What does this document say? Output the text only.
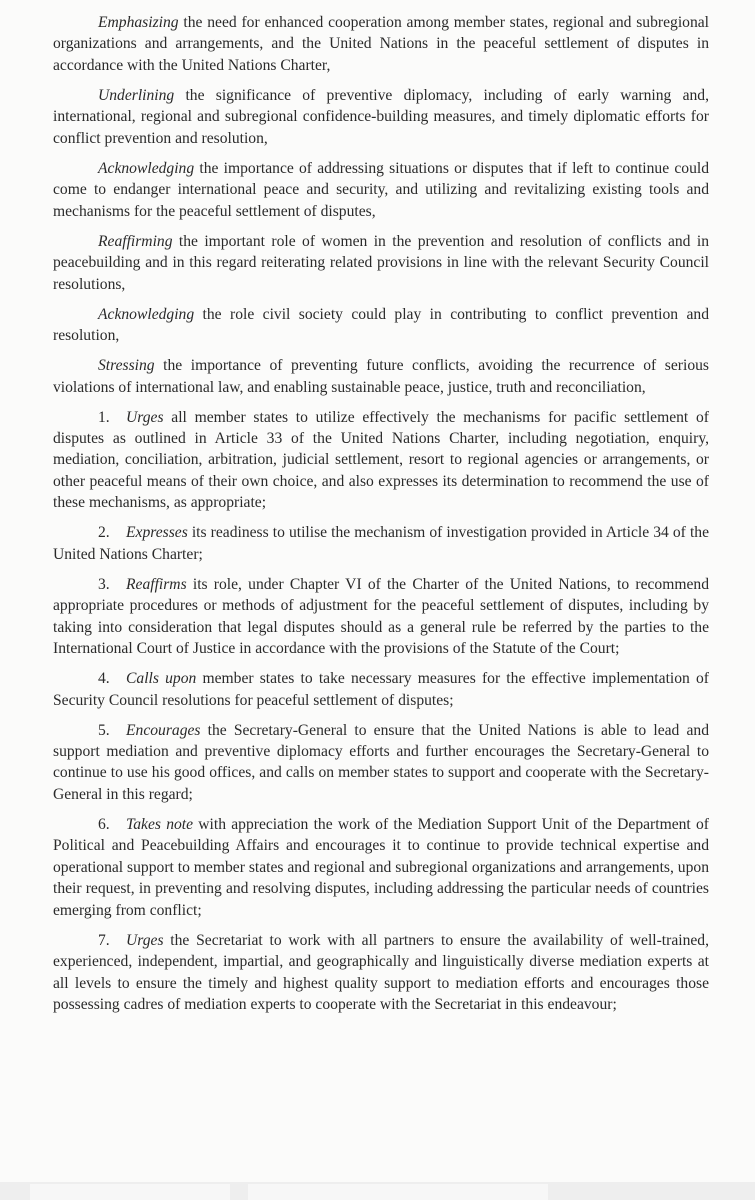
Emphasizing the need for enhanced cooperation among member states, regional and subregional organizations and arrangements, and the United Nations in the peaceful settlement of disputes in accordance with the United Nations Charter,

Underlining the significance of preventive diplomacy, including of early warning and, international, regional and subregional confidence-building measures, and timely diplomatic efforts for conflict prevention and resolution,

Acknowledging the importance of addressing situations or disputes that if left to continue could come to endanger international peace and security, and utilizing and revitalizing existing tools and mechanisms for the peaceful settlement of disputes,

Reaffirming the important role of women in the prevention and resolution of conflicts and in peacebuilding and in this regard reiterating related provisions in line with the relevant Security Council resolutions,

Acknowledging the role civil society could play in contributing to conflict prevention and resolution,

Stressing the importance of preventing future conflicts, avoiding the recurrence of serious violations of international law, and enabling sustainable peace, justice, truth and reconciliation,

1. Urges all member states to utilize effectively the mechanisms for pacific settlement of disputes as outlined in Article 33 of the United Nations Charter, including negotiation, enquiry, mediation, conciliation, arbitration, judicial settlement, resort to regional agencies or arrangements, or other peaceful means of their own choice, and also expresses its determination to recommend the use of these mechanisms, as appropriate;

2. Expresses its readiness to utilise the mechanism of investigation provided in Article 34 of the United Nations Charter;

3. Reaffirms its role, under Chapter VI of the Charter of the United Nations, to recommend appropriate procedures or methods of adjustment for the peaceful settlement of disputes, including by taking into consideration that legal disputes should as a general rule be referred by the parties to the International Court of Justice in accordance with the provisions of the Statute of the Court;

4. Calls upon member states to take necessary measures for the effective implementation of Security Council resolutions for peaceful settlement of disputes;

5. Encourages the Secretary-General to ensure that the United Nations is able to lead and support mediation and preventive diplomacy efforts and further encourages the Secretary-General to continue to use his good offices, and calls on member states to support and cooperate with the Secretary-General in this regard;

6. Takes note with appreciation the work of the Mediation Support Unit of the Department of Political and Peacebuilding Affairs and encourages it to continue to provide technical expertise and operational support to member states and regional and subregional organizations and arrangements, upon their request, in preventing and resolving disputes, including addressing the particular needs of countries emerging from conflict;

7. Urges the Secretariat to work with all partners to ensure the availability of well-trained, experienced, independent, impartial, and geographically and linguistically diverse mediation experts at all levels to ensure the timely and highest quality support to mediation efforts and encourages those possessing cadres of mediation experts to cooperate with the Secretariat in this endeavour;
